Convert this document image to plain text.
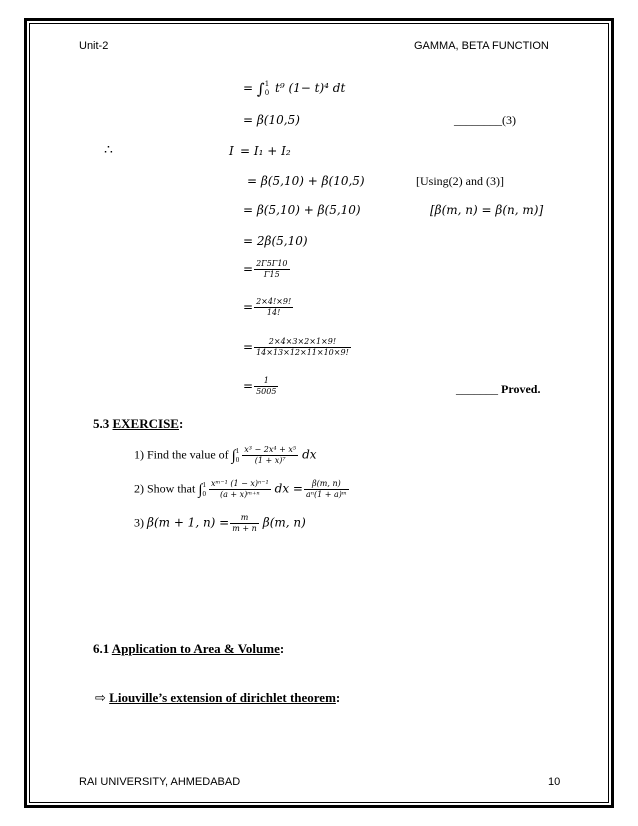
Unit-2	GAMMA, BETA FUNCTION
= ∫ 1
0 t⁹ (1− t)⁴ dt
= β(10,5)	________(3)
∴	I = I₁ + I₂
= β(5,10) + β(10,5)	[Using(2) and (3)]
= β(5,10) + β(5,10)	[β(m, n) = β(n, m)]
= 2β(5,10)
= $\frac{2\Gamma 5\Gamma 10}{\Gamma 15}$
= $\frac{2\times 4!\times 9!}{14!}$
= $\frac{2\times 4\times 3\times 2\times 1\times 9!}{14\times 13\times 12\times 11\times 10\times 9!}$
= $\frac{1}{5005}$	_______ Proved.
5.3 EXERCISE:
1) Find the value of ∫ 1
$0 \frac{\text{x³ − 2x⁴ + x⁵}}{\text{(1 + x)⁷}}$ dx
2) Show that ∫ 1
$0 \frac{\text{xᵐ⁻¹ (1 − x)ⁿ⁻¹}}{\text{(a + x)ᵐ⁺ⁿ}}$ dx = $\frac{\beta(m, n)}{\text{aⁿ(1 + a)ᵐ}}$
3) β(m + 1, $n) = \frac{m}{m + n} \beta(m$, n)
6.1 Application to Area & Volume:
⇨ Liouville’s extension of dirichlet theorem:
RAI UNIVERSITY, AHMEDABAD	10
